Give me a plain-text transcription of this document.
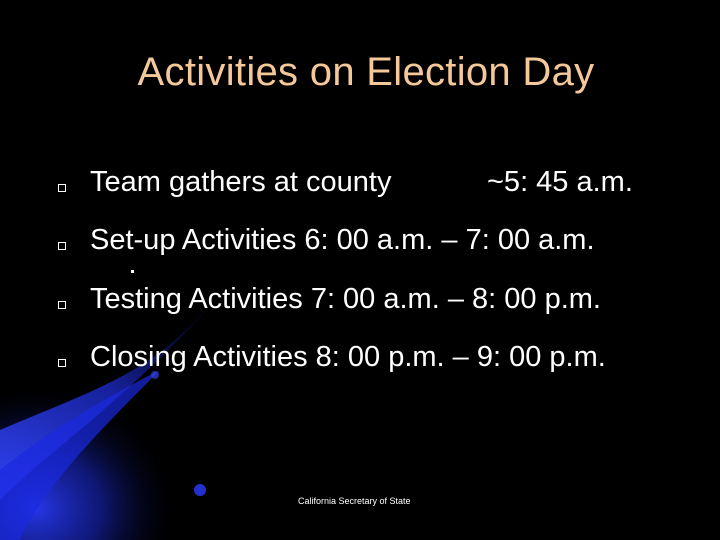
Activities on Election Day
Team gathers at county	~5: 45 a.m.
Set-up Activities 6: 00 a.m. – 7: 00 a.m.
Testing Activities 7: 00 a.m. – 8: 00 p.m.
Closing Activities 8: 00 p.m. – 9: 00 p.m.
California Secretary of State
